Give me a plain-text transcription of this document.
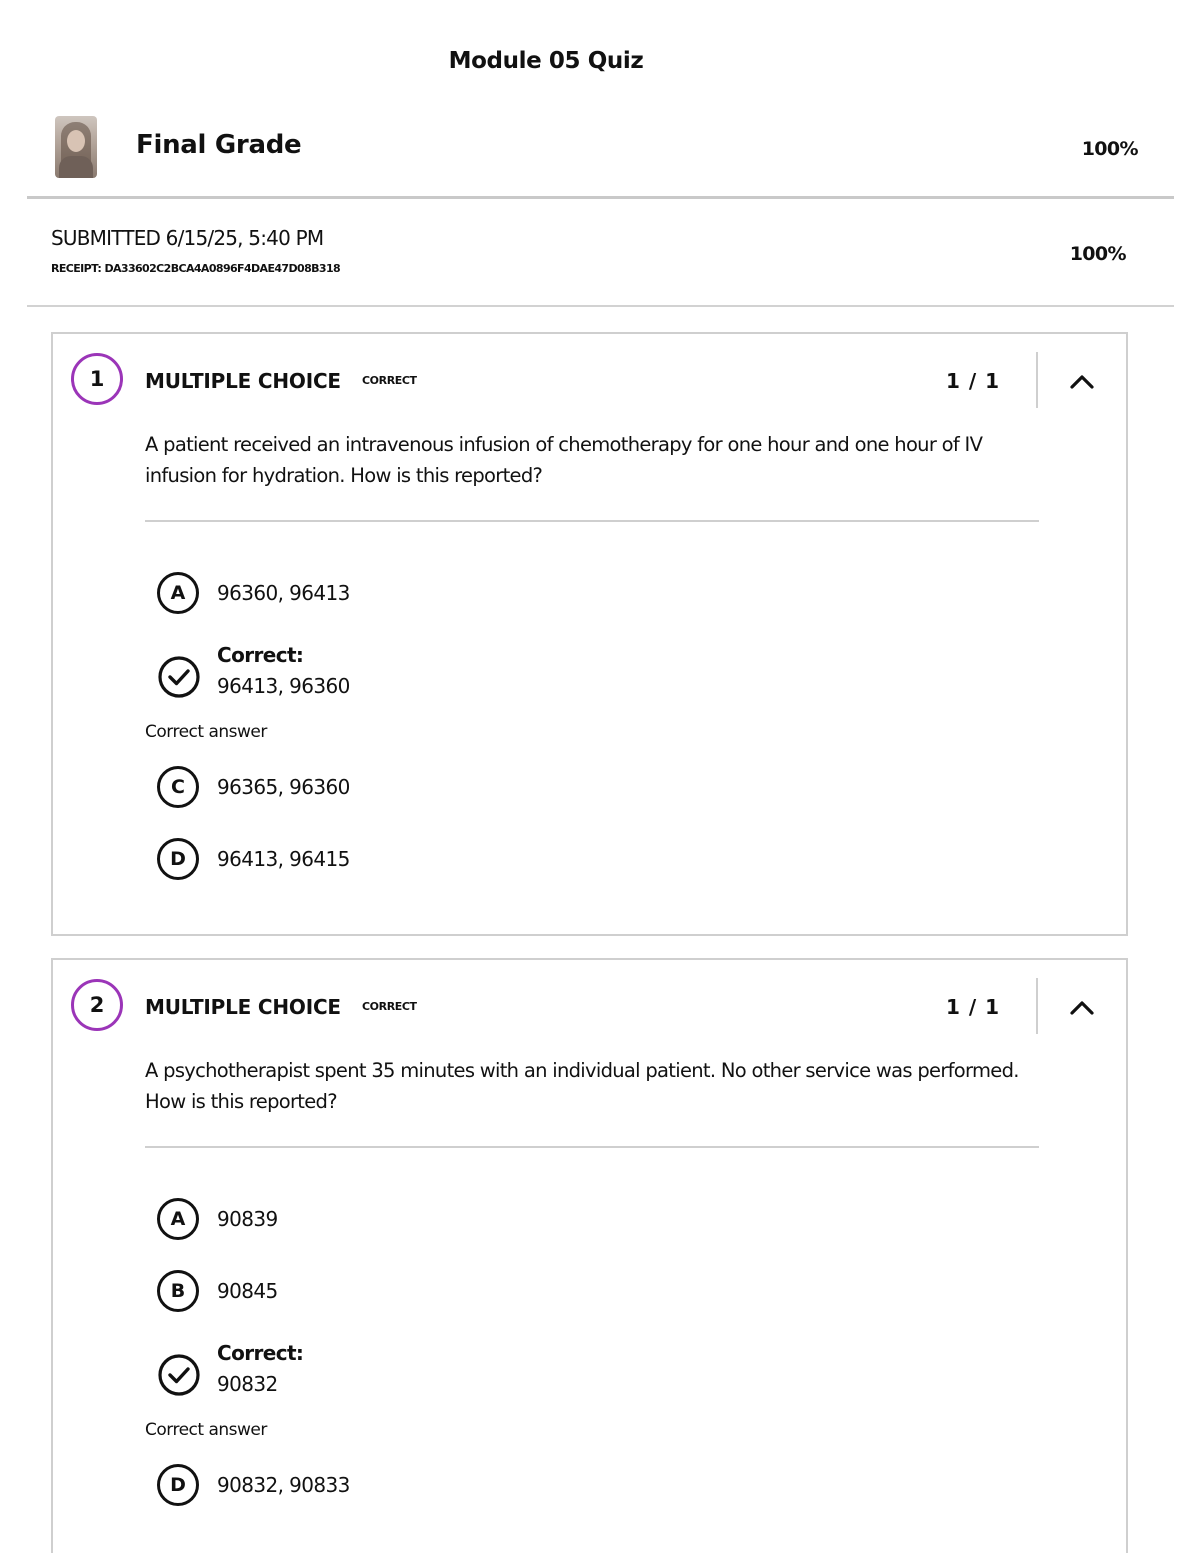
Module 05 Quiz
Final Grade	100%
SUBMITTED 6/15/25, 5:40 PM
RECEIPT: DA33602C2BCA4A0896F4DAE47D08B318
100%
1	MULTIPLE CHOICE CORRECT	1 / 1
A patient received an intravenous infusion of chemotherapy for one hour and one hour of IV infusion for hydration. How is this reported?
A	96360, 96413
Correct:
96413, 96360
Correct answer
C	96365, 96360
D	96413, 96415
2	MULTIPLE CHOICE CORRECT	1 / 1
A psychotherapist spent 35 minutes with an individual patient. No other service was performed. How is this reported?
A	90839
B	90845
Correct:
90832
Correct answer
D	90832, 90833
